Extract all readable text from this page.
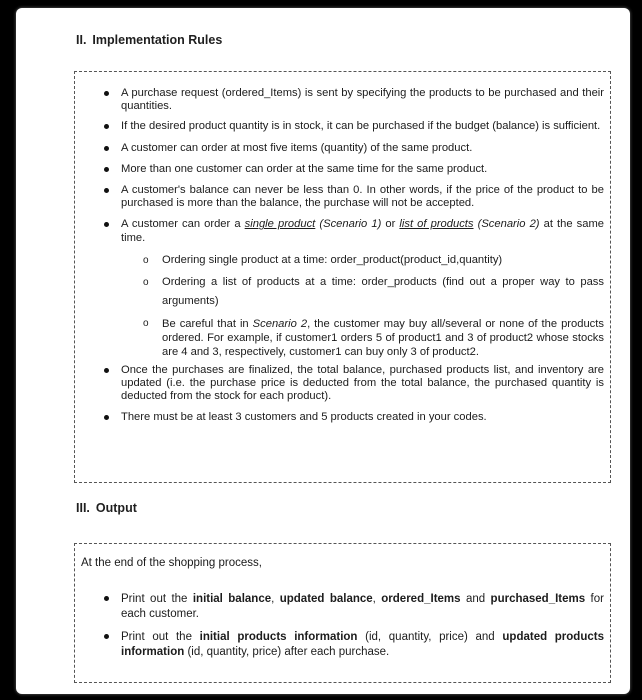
II. Implementation Rules
A purchase request (ordered_Items) is sent by specifying the products to be purchased and their quantities.
If the desired product quantity is in stock, it can be purchased if the budget (balance) is sufficient.
A customer can order at most five items (quantity) of the same product.
More than one customer can order at the same time for the same product.
A customer's balance can never be less than 0. In other words, if the price of the product to be purchased is more than the balance, the purchase will not be accepted.
A customer can order a single product (Scenario 1) or list of products (Scenario 2) at the same time.
o Ordering single product at a time: order_product(product_id,quantity)
o Ordering a list of products at a time: order_products (find out a proper way to pass arguments)
o Be careful that in Scenario 2, the customer may buy all/several or none of the products ordered. For example, if customer1 orders 5 of product1 and 3 of product2 whose stocks are 4 and 3, respectively, customer1 can buy only 3 of product2.
Once the purchases are finalized, the total balance, purchased products list, and inventory are updated (i.e. the purchase price is deducted from the total balance, the purchased quantity is deducted from the stock for each product).
There must be at least 3 customers and 5 products created in your codes.
III. Output
At the end of the shopping process,
Print out the initial balance, updated balance, ordered_Items and purchased_Items for each customer.
Print out the initial products information (id, quantity, price) and updated products information (id, quantity, price) after each purchase.
